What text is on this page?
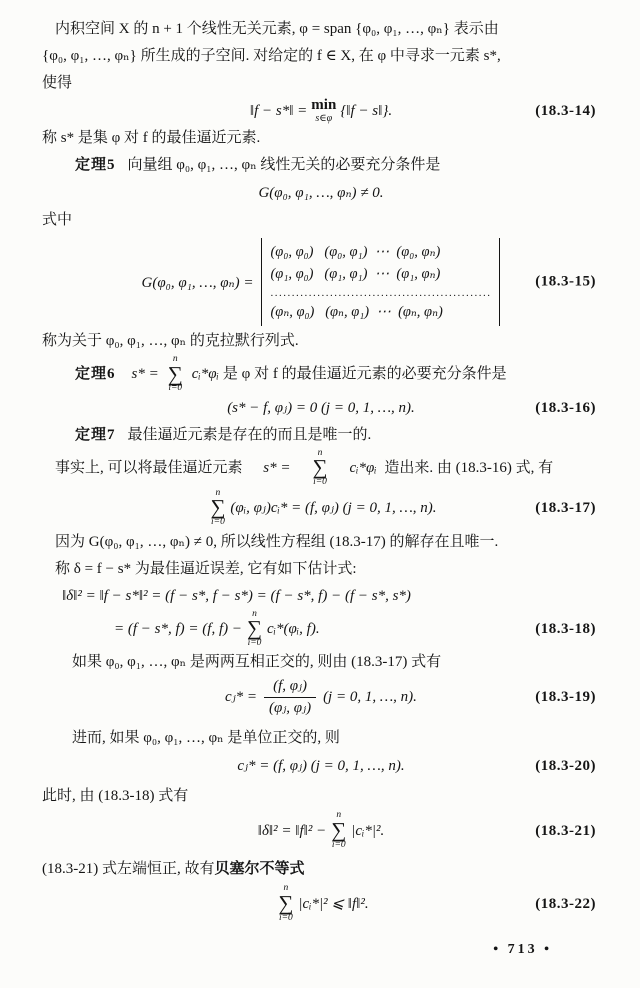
内积空间 X 的 n + 1 个线性无关元素, φ = span {φ₀, φ₁, …, φₙ} 表示由
{φ₀, φ₁, …, φₙ} 所生成的子空间. 对给定的 f ∈ X, 在 φ 中寻求一元素 s*,
使得
‖f − s*‖ = min
s∈φ {‖f − s‖}.	(18.3-14)
称 s* 是集 φ 对 f 的最佳逼近元素.
定理5 向量组 φ₀, φ₁, …, φₙ 线性无关的必要充分条件是
G(φ₀, φ₁, …, φₙ) ≠ 0.
式中
G(φ₀, φ₁, …, φₙ) =
(φ₀, φ₀)   (φ₀, φ₁)  ⋯  (φ₀, φₙ)
(φ₁, φ₀)   (φ₁, φ₁)  ⋯  (φ₁, φₙ)
....................................................
(φₙ, φ₀)   (φₙ, φ₁)  ⋯  (φₙ, φₙ)
(18.3-15)
称为关于 φ₀, φ₁, …, φₙ 的克拉默行列式.
定理6 s* =
n
∑
i=0
cᵢ*φᵢ 是 φ 对 f 的最佳逼近元素的必要充分条件是
(s* − f, φⱼ) = 0 (j = 0, 1, …, n).	(18.3-16)
定理7 最佳逼近元素是存在的而且是唯一的.
事实上, 可以将最佳逼近元素	s* =
n
∑
i=0
cᵢ*φᵢ 造出来. 由 (18.3-16) 式, 有
n
∑
i=0
(φᵢ, φⱼ)cᵢ* = (f, φⱼ) (j = 0, 1, …, n).	(18.3-17)
因为 G(φ₀, φ₁, …, φₙ) ≠ 0, 所以线性方程组 (18.3-17) 的解存在且唯一.
称 δ = f − s* 为最佳逼近误差, 它有如下估计式:
‖δ‖² = ‖f − s*‖² = (f − s*, f − s*) = (f − s*, f) − (f − s*, s*)
= (f − s*, f) = (f, f) −
n
∑
i=0
cᵢ*(φᵢ, f).	(18.3-18)
如果 φ₀, φ₁, …, φₙ 是两两互相正交的, 则由 (18.3-17) 式有
cⱼ* = $\frac{\text{(f, φⱼ)}}{\text{(φⱼ, φⱼ)}} (j = 0$, 1, …, n).	(18.3-19)
进而, 如果 φ₀, φ₁, …, φₙ 是单位正交的, 则
cⱼ* = (f, φⱼ) (j = 0, 1, …, n).	(18.3-20)
此时, 由 (18.3-18) 式有
‖δ‖² = ‖f‖² −
n
∑
i=0
|cᵢ*|².	(18.3-21)
(18.3-21) 式左端恒正, 故有贝塞尔不等式
n
∑
i=0
|cᵢ*|² ⩽ ‖f‖².	(18.3-22)
• 713 •
